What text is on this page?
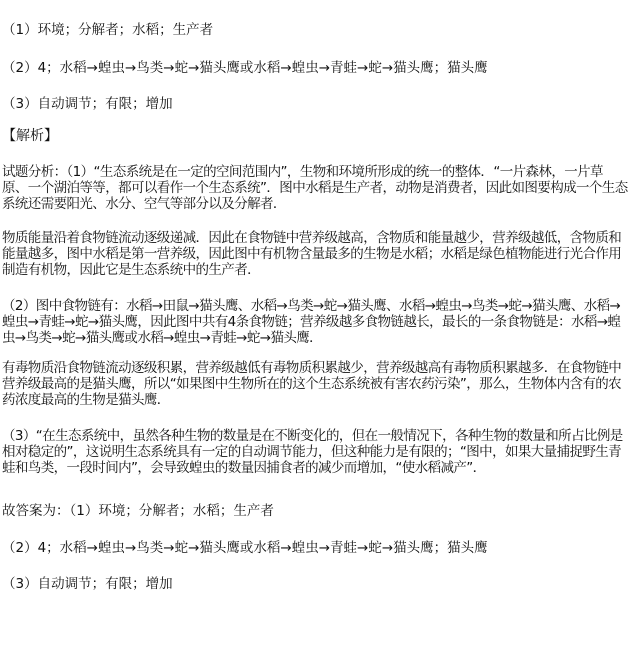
（1）环境；分解者；水稻；生产者
（2）4；水稻→蝗虫→鸟类→蛇→猫头鹰或水稻→蝗虫→青蛙→蛇→猫头鹰；猫头鹰
（3）自动调节；有限；增加
【解析】
试题分析：（1）“生态系统是在一定的空间范围内”，生物和环境所形成的统一的整体．“一片森林，一片草原、一个湖泊等等，都可以看作一个生态系统”．图中水稻是生产者，动物是消费者，因此如图要构成一个生态系统还需要阳光、水分、空气等部分以及分解者．
物质能量沿着食物链流动逐级递减．因此在食物链中营养级越高，含物质和能量越少，营养级越低，含物质和能量越多，图中水稻是第一营养级，因此图中有机物含量最多的生物是水稻；水稻是绿色植物能进行光合作用制造有机物，因此它是生态系统中的生产者．
（2）图中食物链有：水稻→田鼠→猫头鹰、水稻→鸟类→蛇→猫头鹰、水稻→蝗虫→鸟类→蛇→猫头鹰、水稻→蝗虫→青蛙→蛇→猫头鹰，因此图中共有4条食物链；营养级越多食物链越长，最长的一条食物链是：水稻→蝗虫→鸟类→蛇→猫头鹰或水稻→蝗虫→青蛙→蛇→猫头鹰．
有毒物质沿食物链流动逐级积累，营养级越低有毒物质积累越少，营养级越高有毒物质积累越多．在食物链中营养级最高的是猫头鹰，所以“如果图中生物所在的这个生态系统被有害农药污染”，那么，生物体内含有的农药浓度最高的生物是猫头鹰．
（3）“在生态系统中，虽然各种生物的数量是在不断变化的，但在一般情况下，各种生物的数量和所占比例是相对稳定的”，这说明生态系统具有一定的自动调节能力，但这种能力是有限的；“图中，如果大量捕捉野生青蛙和鸟类，一段时间内”，会导致蝗虫的数量因捕食者的减少而增加，“使水稻减产”．
故答案为：（1）环境；分解者；水稻；生产者
（2）4；水稻→蝗虫→鸟类→蛇→猫头鹰或水稻→蝗虫→青蛙→蛇→猫头鹰；猫头鹰
（3）自动调节；有限；增加
